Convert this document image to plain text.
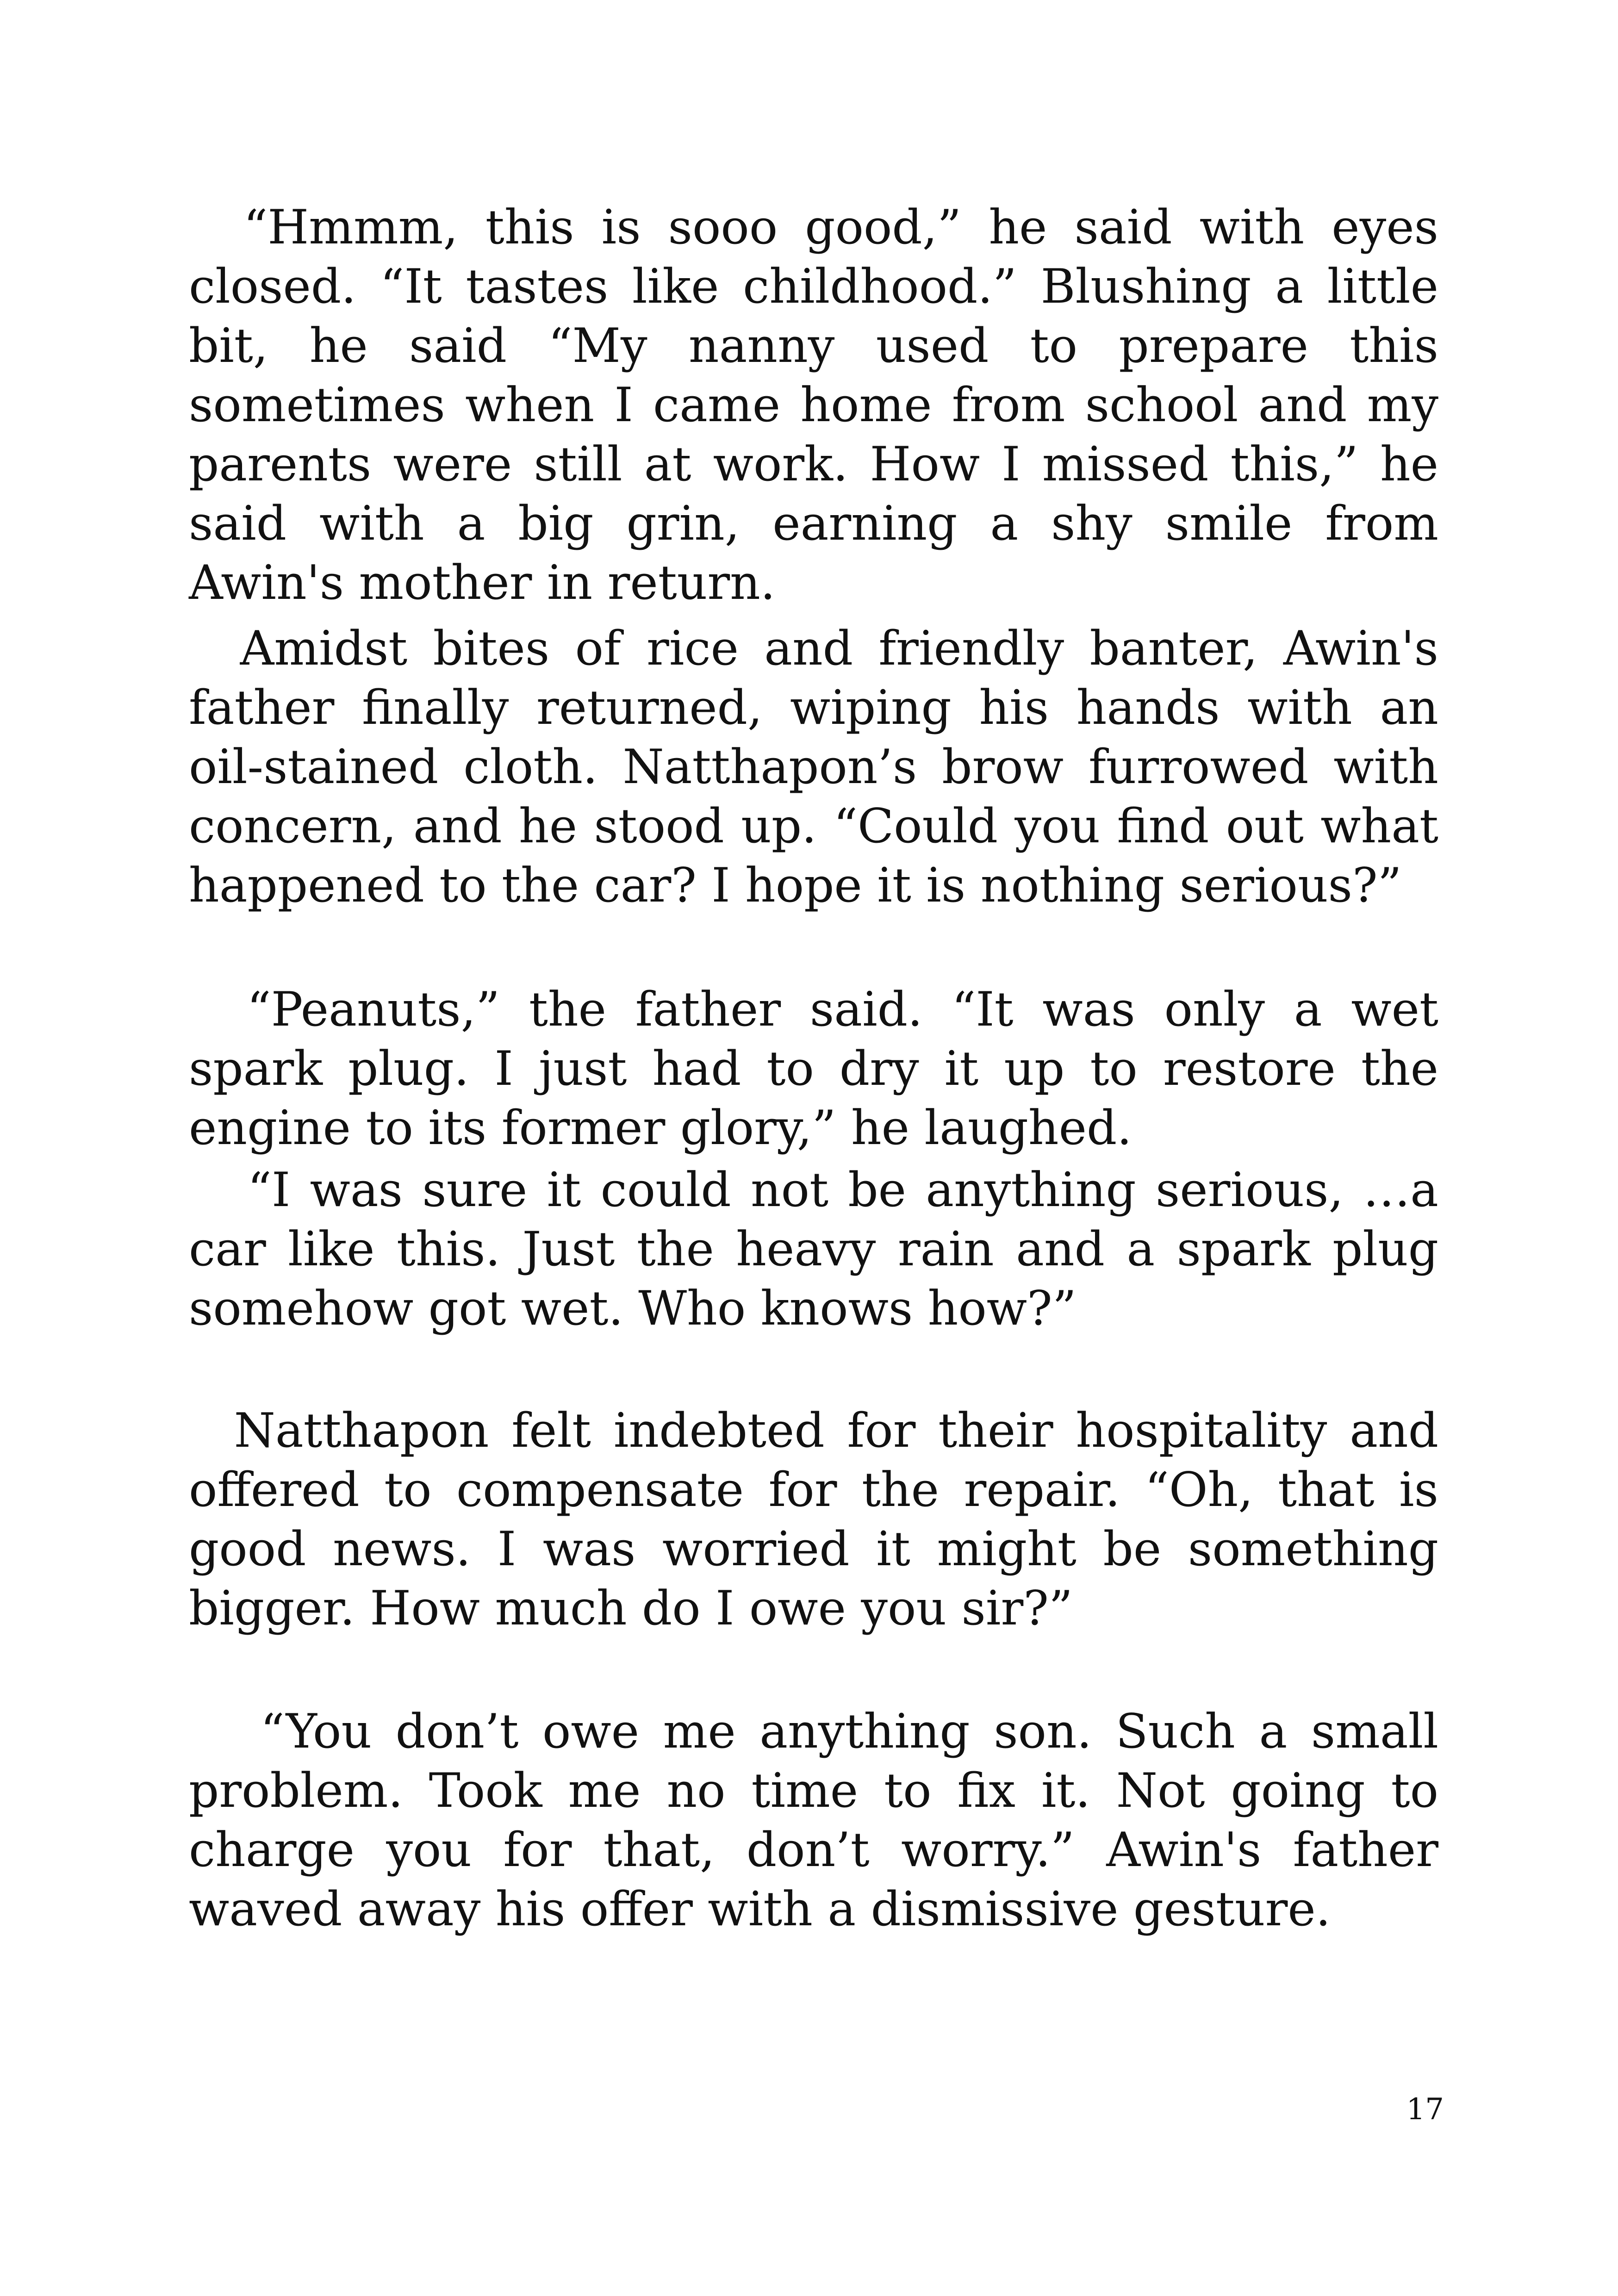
“Hmmm, this is sooo good,” he said with eyes closed. “It tastes like childhood.” Blushing a little bit, he said “My nanny used to prepare this sometimes when I came home from school and my parents were still at work. How I missed this,” he said with a big grin, earning a shy smile from Awin's mother in return.

Amidst bites of rice and friendly banter, Awin's father finally returned, wiping his hands with an oil-stained cloth. Natthapon’s brow furrowed with concern, and he stood up. “Could you find out what happened to the car? I hope it is nothing serious?”

“Peanuts,” the father said. “It was only a wet spark plug. I just had to dry it up to restore the engine to its former glory,” he laughed.

“I was sure it could not be anything serious, …a car like this. Just the heavy rain and a spark plug somehow got wet. Who knows how?”

Natthapon felt indebted for their hospitality and offered to compensate for the repair. “Oh, that is good news. I was worried it might be something bigger. How much do I owe you sir?”

“You don’t owe me anything son. Such a small problem. Took me no time to fix it. Not going to charge you for that, don’t worry.” Awin's father waved away his offer with a dismissive gesture.

17
